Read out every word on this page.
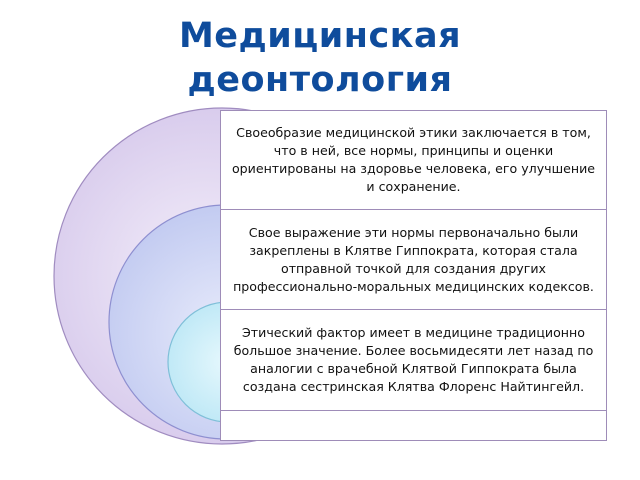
Медицинская
деонтология
Своеобразие медицинской этики заключается в том, что в ней, все нормы, принципы и оценки ориентированы на здоровье человека, его улучшение и сохранение.
Свое выражение эти нормы первоначально были закреплены в Клятве Гиппократа, которая стала отправной точкой для создания других профессионально-моральных медицинских кодексов.
Этический фактор имеет в медицине традиционно большое значение. Более восьмидесяти лет назад по аналогии с врачебной Клятвой Гиппократа была создана сестринская Клятва Флоренс Найтингейл.
